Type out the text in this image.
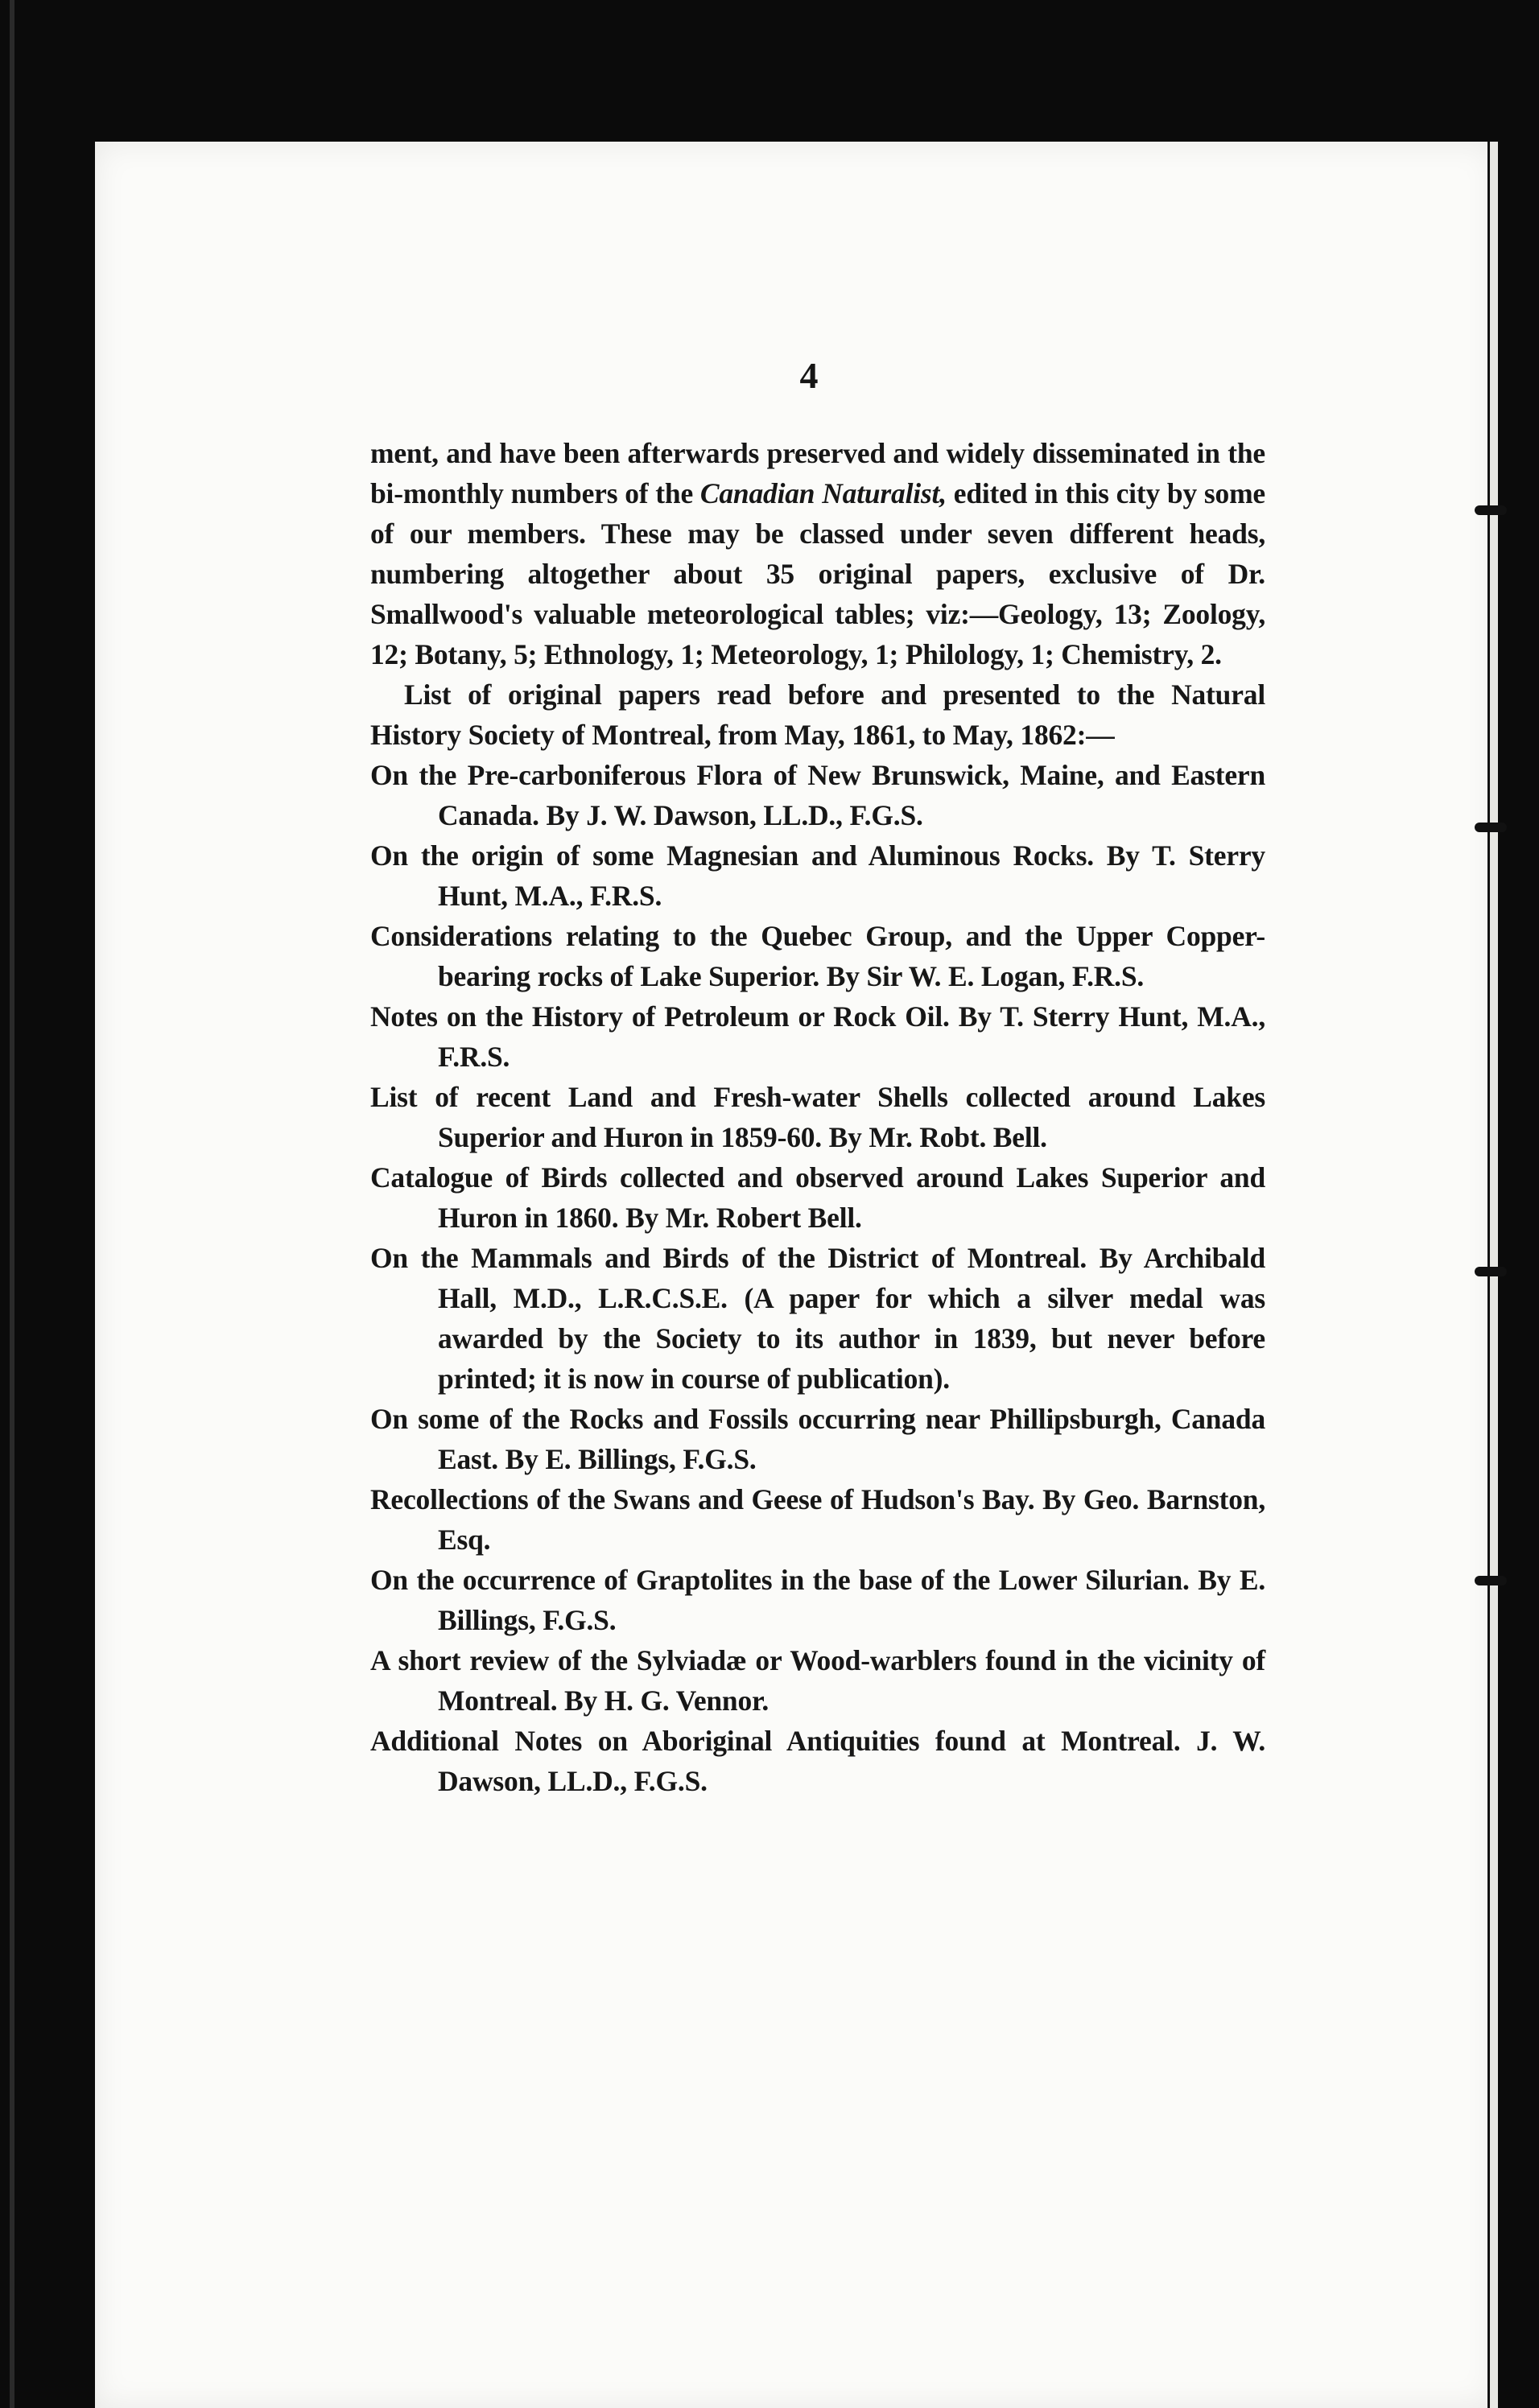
4

ment, and have been afterwards preserved and widely disseminated in the bi-monthly numbers of the Canadian Naturalist, edited in this city by some of our members. These may be classed under seven different heads, numbering altogether about 35 original papers, exclusive of Dr. Smallwood's valuable meteorological tables; viz:—Geology, 13; Zoology, 12; Botany, 5; Ethnology, 1; Meteorology, 1; Philology, 1; Chemistry, 2.

List of original papers read before and presented to the Natural History Society of Montreal, from May, 1861, to May, 1862:—

On the Pre-carboniferous Flora of New Brunswick, Maine, and Eastern Canada. By J. W. Dawson, LL.D., F.G.S.

On the origin of some Magnesian and Aluminous Rocks. By T. Sterry Hunt, M.A., F.R.S.

Considerations relating to the Quebec Group, and the Upper Copper-bearing rocks of Lake Superior. By Sir W. E. Logan, F.R.S.

Notes on the History of Petroleum or Rock Oil. By T. Sterry Hunt, M.A., F.R.S.

List of recent Land and Fresh-water Shells collected around Lakes Superior and Huron in 1859-60. By Mr. Robt. Bell.

Catalogue of Birds collected and observed around Lakes Superior and Huron in 1860. By Mr. Robert Bell.

On the Mammals and Birds of the District of Montreal. By Archibald Hall, M.D., L.R.C.S.E. (A paper for which a silver medal was awarded by the Society to its author in 1839, but never before printed; it is now in course of publication).

On some of the Rocks and Fossils occurring near Phillipsburgh, Canada East. By E. Billings, F.G.S.

Recollections of the Swans and Geese of Hudson's Bay. By Geo. Barnston, Esq.

On the occurrence of Graptolites in the base of the Lower Silurian. By E. Billings, F.G.S.

A short review of the Sylviadæ or Wood-warblers found in the vicinity of Montreal. By H. G. Vennor.

Additional Notes on Aboriginal Antiquities found at Montreal. J. W. Dawson, LL.D., F.G.S.
